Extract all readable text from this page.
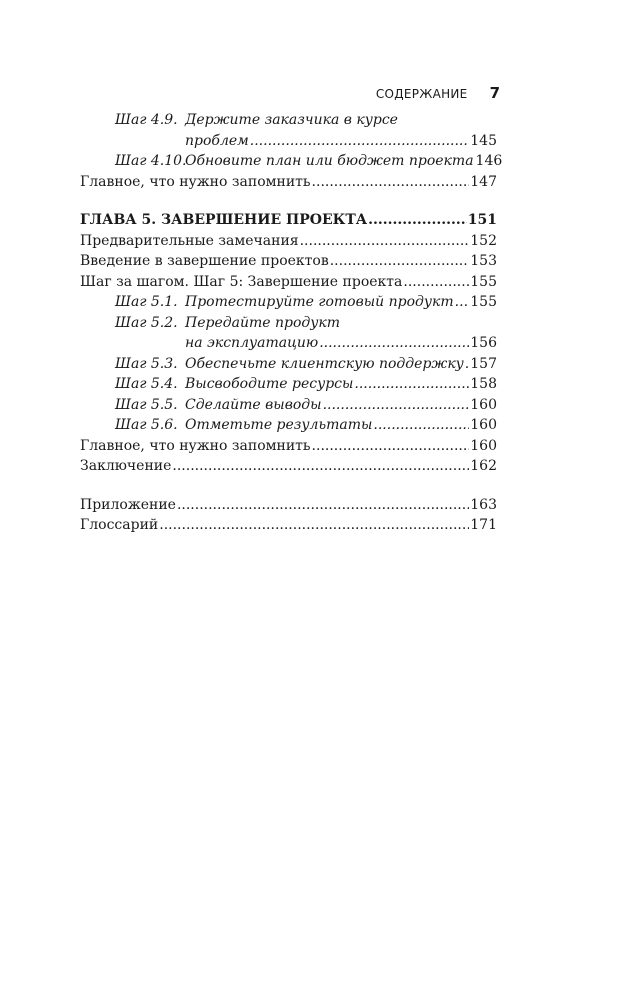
СОДЕРЖАНИЕ 7
Шаг 4.9. Держите заказчика в курсе
проблем .....	145
Шаг 4.10.
Обновите план или бюджет проекта 146
Главное, что нужно запомнить .....	147
ГЛАВА 5. ЗАВЕРШЕНИЕ ПРОЕКТА .....	151
Предварительные замечания .....	152
Введение в завершение проектов .....	153
Шаг за шагом. Шаг 5: Завершение проекта .....	155
Шаг 5.1. Протестируйте готовый продукт ..... 155
Шаг 5.2. Передайте продукт
на эксплуатацию .....	156
Шаг 5.3. Обеспечьте клиентскую поддержку ..... 157
Шаг 5.4. Высвободите ресурсы .....	158
Шаг 5.5. Сделайте выводы .....	160
Шаг 5.6. Отметьте результаты .....	160
Главное, что нужно запомнить .....	160
Заключение .....	162
Приложение .....	163
Глоссарий .....	171
